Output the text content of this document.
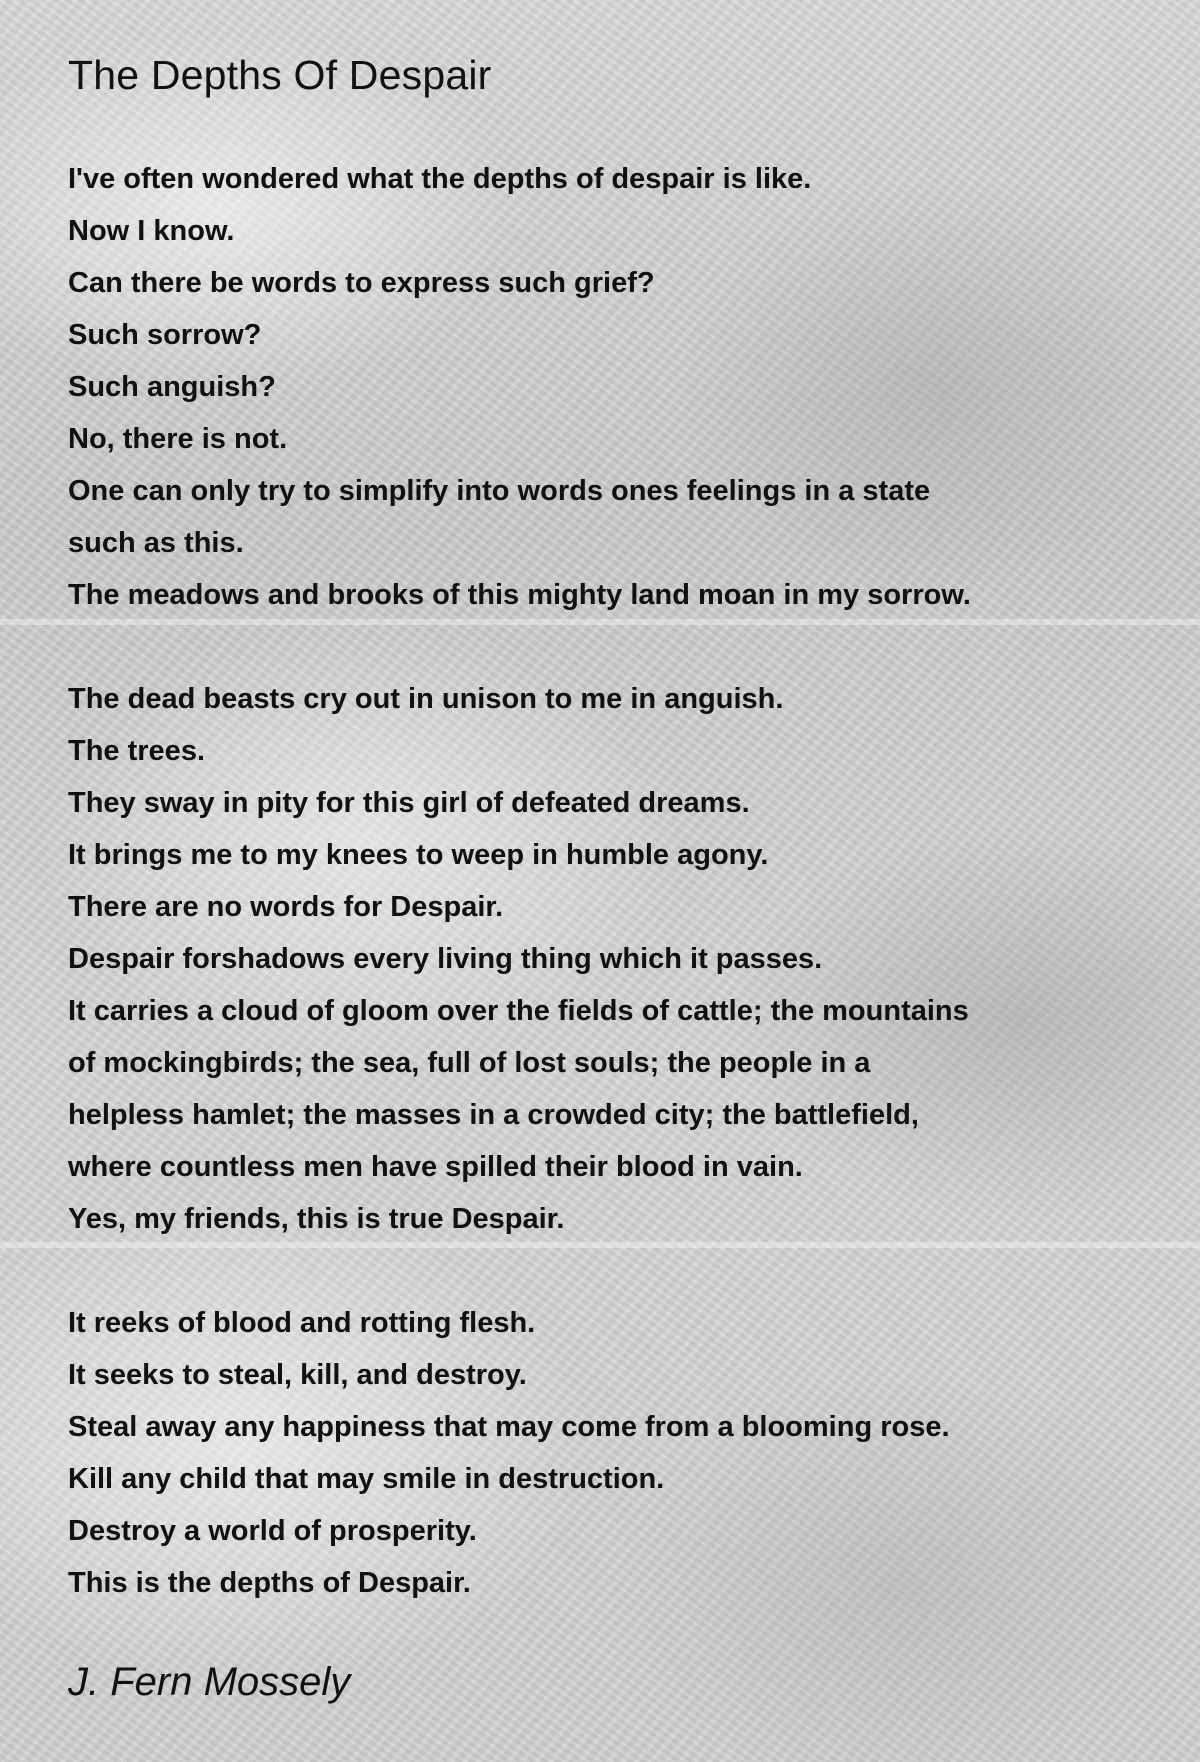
The Depths Of Despair
I've often wondered what the depths of despair is like.
Now I know.
Can there be words to express such grief?
Such sorrow?
Such anguish?
No, there is not.
One can only try to simplify into words ones feelings in a state
such as this.
The meadows and brooks of this mighty land moan in my sorrow.
The dead beasts cry out in unison to me in anguish.
The trees.
They sway in pity for this girl of defeated dreams.
It brings me to my knees to weep in humble agony.
There are no words for Despair.
Despair forshadows every living thing which it passes.
It carries a cloud of gloom over the fields of cattle; the mountains
of mockingbirds; the sea, full of lost souls; the people in a
helpless hamlet; the masses in a crowded city; the battlefield,
where countless men have spilled their blood in vain.
Yes, my friends, this is true Despair.
It reeks of blood and rotting flesh.
It seeks to steal, kill, and destroy.
Steal away any happiness that may come from a blooming rose.
Kill any child that may smile in destruction.
Destroy a world of prosperity.
This is the depths of Despair.
J. Fern Mossely
